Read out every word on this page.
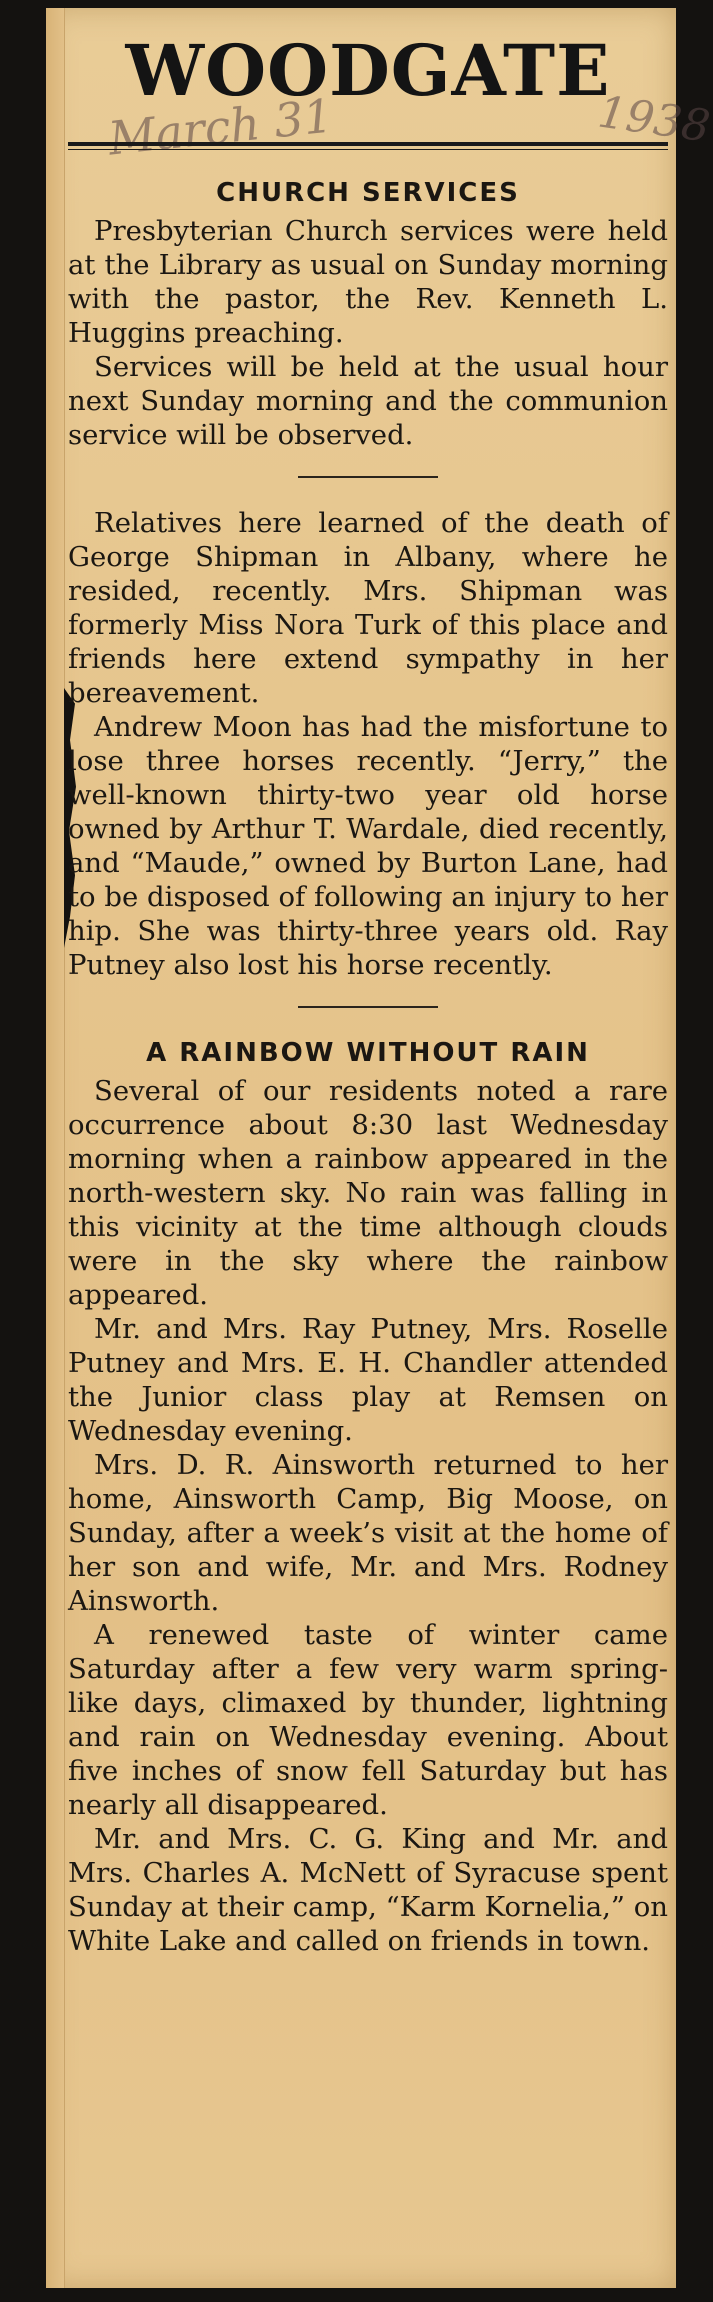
WOODGATE
March 31	1938
CHURCH SERVICES

Presbyterian Church services were held at the Library as usual on Sunday morning with the pastor, the Rev. Kenneth L. Huggins preaching.

Services will be held at the usual hour next Sunday morning and the communion service will be observed.

Relatives here learned of the death of George Shipman in Albany, where he resided, recently. Mrs. Shipman was formerly Miss Nora Turk of this place and friends here extend sympathy in her bereavement.

Andrew Moon has had the misfortune to lose three horses recently. “Jerry,” the well-known thirty-two year old horse owned by Arthur T. Wardale, died recently, and “Maude,” owned by Burton Lane, had to be disposed of following an injury to her hip. She was thirty-three years old. Ray Putney also lost his horse recently.

A RAINBOW WITHOUT RAIN

Several of our residents noted a rare occurrence about 8:30 last Wednesday morning when a rainbow appeared in the north-western sky. No rain was falling in this vicinity at the time although clouds were in the sky where the rainbow appeared.

Mr. and Mrs. Ray Putney, Mrs. Roselle Putney and Mrs. E. H. Chandler attended the Junior class play at Remsen on Wednesday evening.

Mrs. D. R. Ainsworth returned to her home, Ainsworth Camp, Big Moose, on Sunday, after a week’s visit at the home of her son and wife, Mr. and Mrs. Rodney Ainsworth.

A renewed taste of winter came Saturday after a few very warm spring-like days, climaxed by thunder, lightning and rain on Wednesday evening. About five inches of snow fell Saturday but has nearly all disappeared.

Mr. and Mrs. C. G. King and Mr. and Mrs. Charles A. McNett of Syracuse spent Sunday at their camp, “Karm Kornelia,” on White Lake and called on friends in town.
